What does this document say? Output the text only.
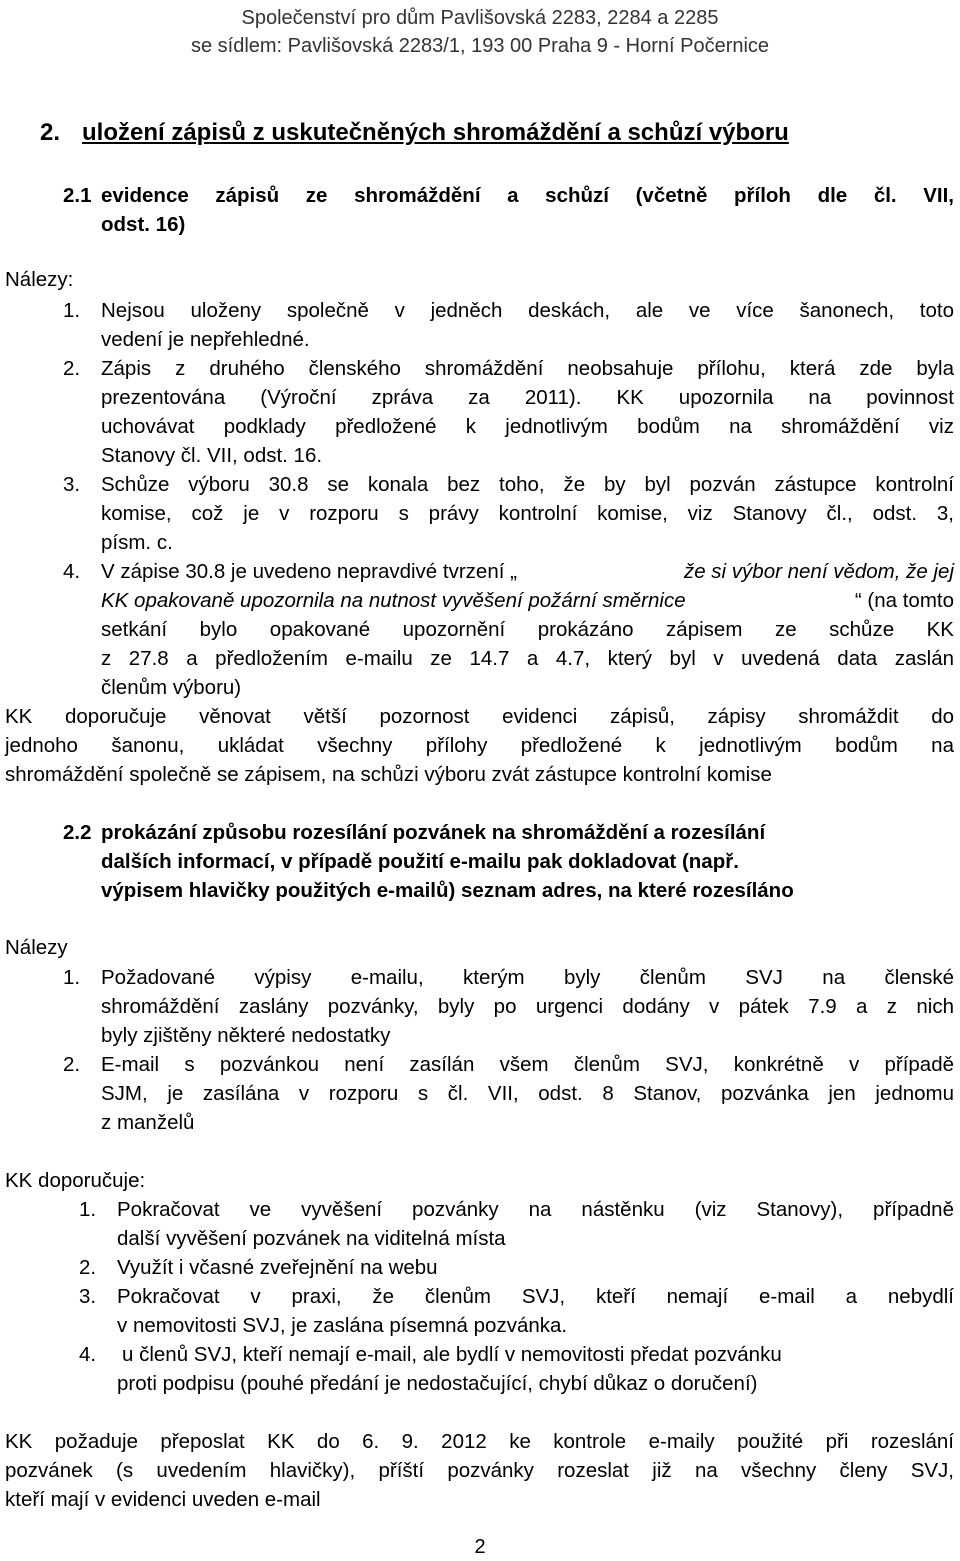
Společenství pro dům Pavlišovská 2283, 2284 a 2285
se sídlem: Pavlišovská 2283/1, 193 00 Praha 9 - Horní Počernice
2. uložení zápisů z uskutečněných shromáždění a schůzí výboru
2.1 evidence zápisů ze shromáždění a schůzí (včetně příloh dle čl. VII,
odst. 16)
Nálezy:
1. Nejsou uloženy společně v jedněch deskách, ale ve více šanonech, toto
vedení je nepřehledné.
2. Zápis z druhého členského shromáždění neobsahuje přílohu, která zde byla
prezentována (Výroční zpráva za 2011). KK upozornila na povinnost
uchovávat podklady předložené k jednotlivým bodům na shromáždění viz
Stanovy čl. VII, odst. 16.
3. Schůze výboru 30.8 se konala bez toho, že by byl pozván zástupce kontrolní
komise, což je v rozporu s právy kontrolní komise, viz Stanovy čl., odst. 3,
písm. c.
4. V zápise 30.8 je uvedeno nepravdivé tvrzení „	že si výbor není vědom, že jej
KK opakovaně upozornila na nutnost vyvěšení požární směrnice	“ (na tomto
setkání bylo opakované upozornění prokázáno zápisem ze schůze KK
z 27.8 a předložením e-mailu ze 14.7 a 4.7, který byl v uvedená data zaslán
členům výboru)
KK doporučuje věnovat větší pozornost evidenci zápisů, zápisy shromáždit do
jednoho šanonu, ukládat všechny přílohy předložené k jednotlivým bodům na
shromáždění společně se zápisem, na schůzi výboru zvát zástupce kontrolní komise
2.2 prokázání způsobu rozesílání pozvánek na shromáždění a rozesílání
dalších informací, v případě použití e-mailu pak dokladovat (např.
výpisem hlavičky použitých e-mailů) seznam adres, na které rozesíláno
Nálezy
1. Požadované výpisy e-mailu, kterým byly členům SVJ na členské
shromáždění zaslány pozvánky, byly po urgenci dodány v pátek 7.9 a z nich
byly zjištěny některé nedostatky
2. E-mail s pozvánkou není zasílán všem členům SVJ, konkrétně v případě
SJM, je zasílána v rozporu s čl. VII, odst. 8 Stanov, pozvánka jen jednomu
z manželů
KK doporučuje:
1. Pokračovat ve vyvěšení pozvánky na nástěnku (viz Stanovy), případně
další vyvěšení pozvánek na viditelná místa
2. Využít i včasné zveřejnění na webu
3. Pokračovat v praxi, že členům SVJ, kteří nemají e-mail a nebydlí
v nemovitosti SVJ, je zaslána písemná pozvánka.
4. u členů SVJ, kteří nemají e-mail, ale bydlí v nemovitosti předat pozvánku
proti podpisu (pouhé předání je nedostačující, chybí důkaz o doručení)
KK požaduje přeposlat KK do 6. 9. 2012 ke kontrole e-maily použité při rozeslání
pozvánek (s uvedením hlavičky), příští pozvánky rozeslat již na všechny členy SVJ,
kteří mají v evidenci uveden e-mail
2
